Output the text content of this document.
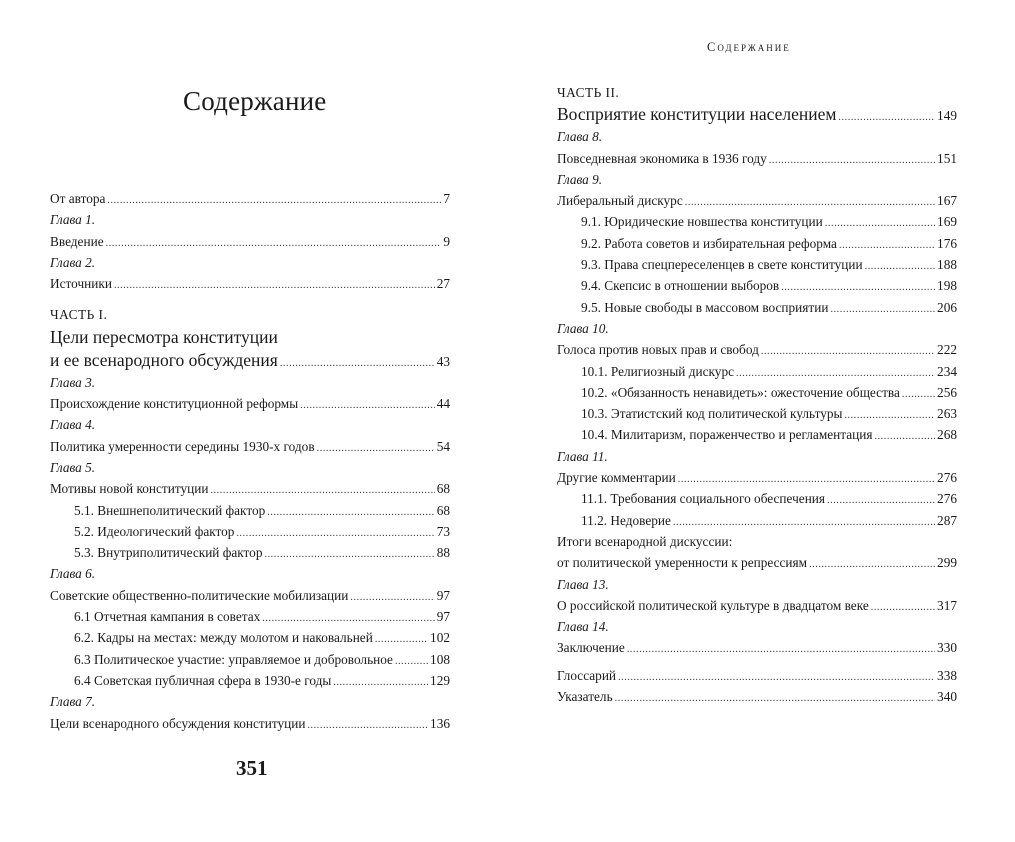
Содержание
От автора .....	7
Глава 1.
Введение .....	9
Глава 2.
Источники .....	27
ЧАСТЬ I.
Цели пересмотра конституции
и ее всенародного обсуждения .....	43
Глава 3.
Происхождение конституционной реформы .....	44
Глава 4.
Политика умеренности середины 1930-х годов .....	54
Глава 5.
Мотивы новой конституции .....	68
5.1. Внешнеполитический фактор .....	68
5.2. Идеологический фактор .....	73
5.3. Внутриполитический фактор .....	88
Глава 6.
Советские общественно-политические мобилизации .....	97
6.1 Отчетная кампания в советах .....	97
6.2. Кадры на местах: между молотом и наковальней .....	102
6.3 Политическое участие: управляемое и добровольное .....	108
6.4 Советская публичная сфера в 1930-е годы .....	129
Глава 7.
Цели всенародного обсуждения конституции .....	136
351
Содержание
ЧАСТЬ II.
Восприятие конституции населением .....	149
Глава 8.
Повседневная экономика в 1936 году .....	151
Глава 9.
Либеральный дискурс .....	167
9.1. Юридические новшества конституции .....	169
9.2. Работа советов и избирательная реформа .....	176
9.3. Права спецпереселенцев в свете конституции .....	188
9.4. Скепсис в отношении выборов .....	198
9.5. Новые свободы в массовом восприятии .....	206
Глава 10.
Голоса против новых прав и свобод .....	222
10.1. Религиозный дискурс .....	234
10.2. «Обязанность ненавидеть»: ожесточение общества .....	256
10.3. Этатистский код политической культуры .....	263
10.4. Милитаризм, пораженчество и регламентация .....	268
Глава 11.
Другие комментарии .....	276
11.1. Требования социального обеспечения .....	276
11.2. Недоверие .....	287
Итоги всенародной дискуссии:
от политической умеренности к репрессиям .....	299
Глава 13.
О российской политической культуре в двадцатом веке .....	317
Глава 14.
Заключение .....	330
Глоссарий .....	338
Указатель .....	340
